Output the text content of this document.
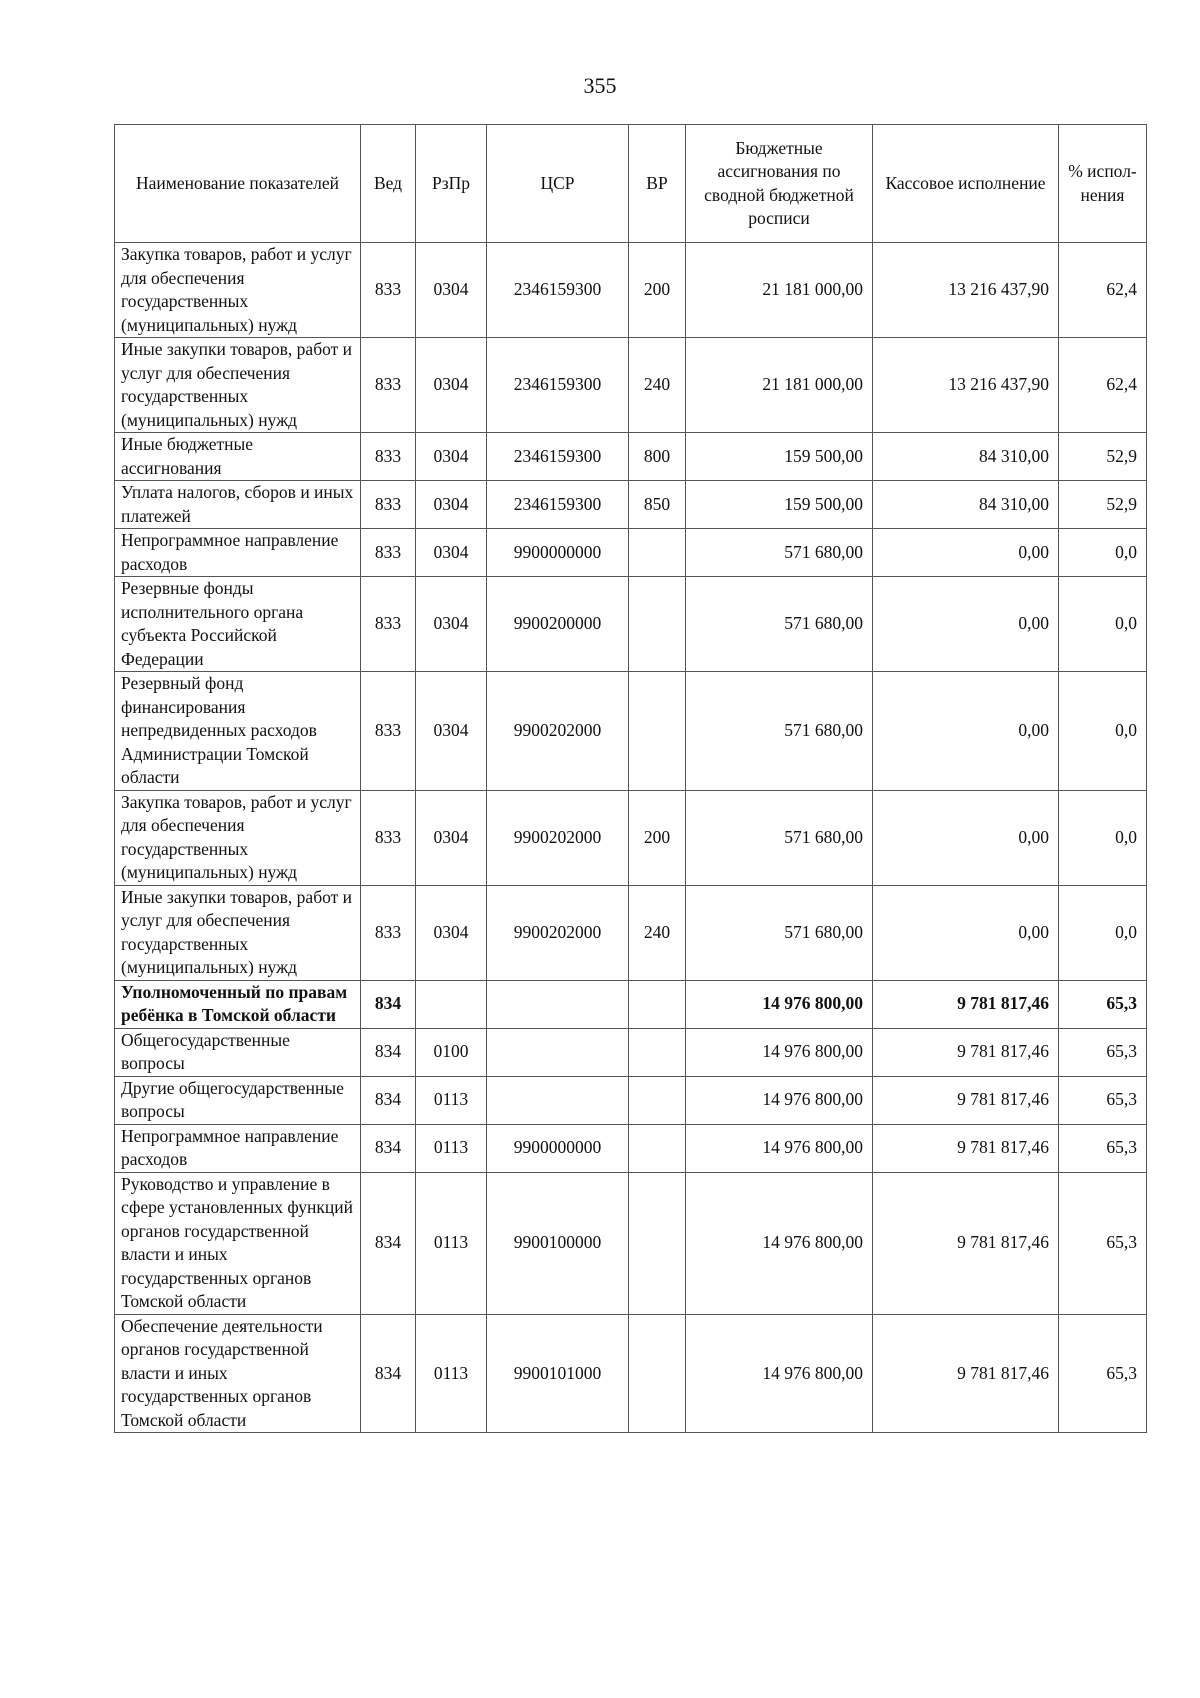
355
Наименование показателей	Вед	РзПр	ЦСР	ВР	Бюджетные ассигнования по сводной бюджетной росписи	Кассовое исполнение	% испол-нения
Закупка товаров, работ и услуг для обеспечения государственных (муниципальных) нужд	833	0304	2346159300	200	21 181 000,00	13 216 437,90	62,4
Иные закупки товаров, работ и услуг для обеспечения государственных (муниципальных) нужд	833	0304	2346159300	240	21 181 000,00	13 216 437,90	62,4
Иные бюджетные ассигнования	833	0304	2346159300	800	159 500,00	84 310,00	52,9
Уплата налогов, сборов и иных платежей	833	0304	2346159300	850	159 500,00	84 310,00	52,9
Непрограммное направление расходов	833	0304	9900000000		571 680,00	0,00	0,0
Резервные фонды исполнительного органа субъекта Российской Федерации	833	0304	9900200000		571 680,00	0,00	0,0
Резервный фонд финансирования непредвиденных расходов Администрации Томской области	833	0304	9900202000		571 680,00	0,00	0,0
Закупка товаров, работ и услуг для обеспечения государственных (муниципальных) нужд	833	0304	9900202000	200	571 680,00	0,00	0,0
Иные закупки товаров, работ и услуг для обеспечения государственных (муниципальных) нужд	833	0304	9900202000	240	571 680,00	0,00	0,0
Уполномоченный по правам ребёнка в Томской области	834				14 976 800,00	9 781 817,46	65,3
Общегосударственные вопросы	834	0100			14 976 800,00	9 781 817,46	65,3
Другие общегосударственные вопросы	834	0113			14 976 800,00	9 781 817,46	65,3
Непрограммное направление расходов	834	0113	9900000000		14 976 800,00	9 781 817,46	65,3
Руководство и управление в сфере установленных функций органов государственной власти и иных государственных органов Томской области	834	0113	9900100000		14 976 800,00	9 781 817,46	65,3
Обеспечение деятельности органов государственной власти и иных государственных органов Томской области	834	0113	9900101000		14 976 800,00	9 781 817,46	65,3
